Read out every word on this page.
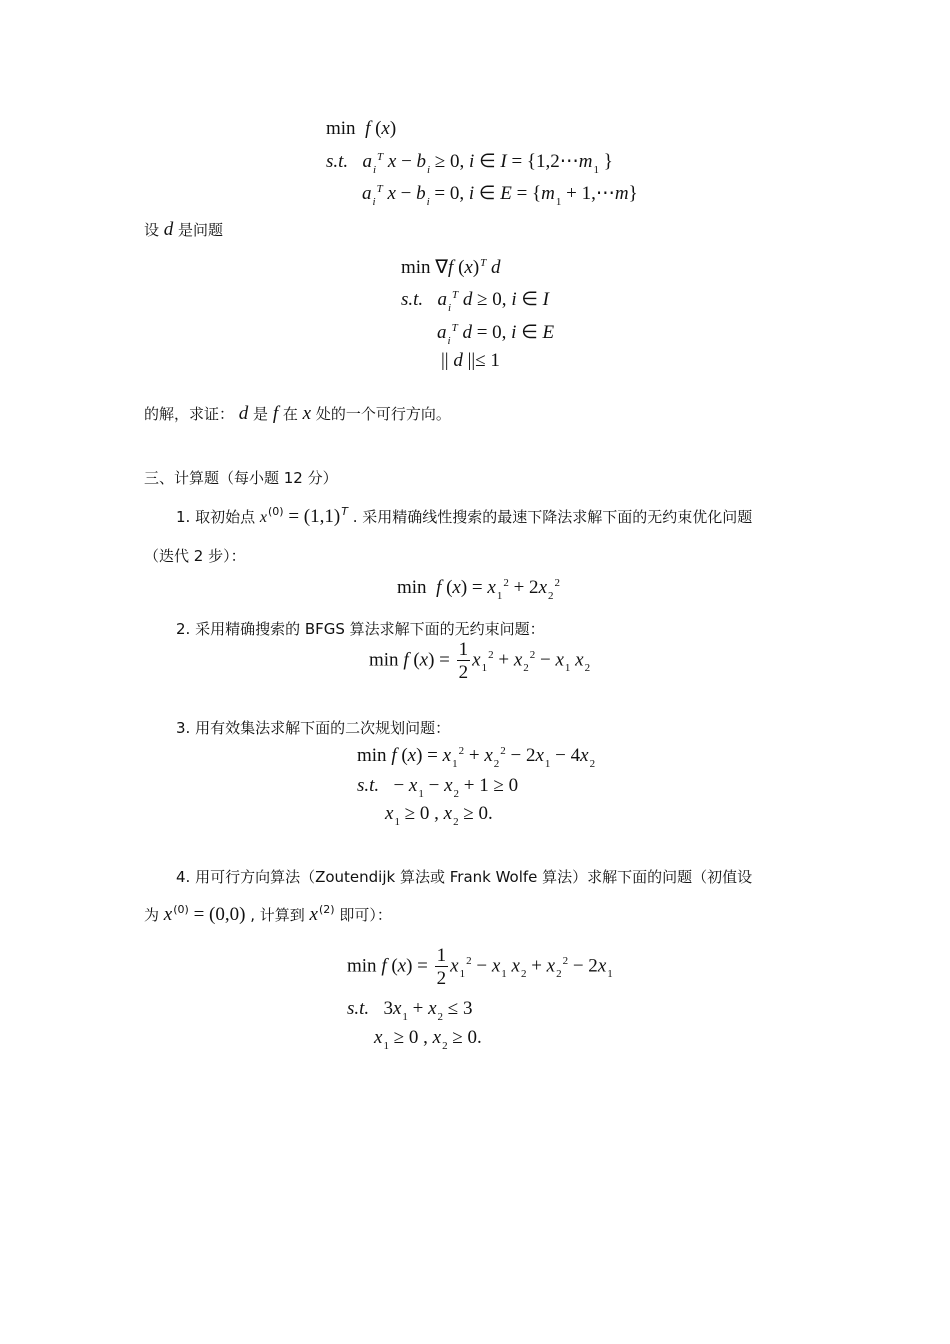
min  f (x)
s.t. $a_i^T$ $x - b_i \ge 0$, i ∈ $I = \{1,2\cdots m_1$ }
$a_i^T$ $x - b_i = 0$, i ∈ $E = \{m_1$ + 1,⋯m}
设 d 是问题
min ∇f $(x)^T$ d
s.t. $a_i^T$ d ≥ 0, i ∈ I
$a_i^T$ d = 0, i ∈ E
|| d ||≤ 1
的解，求证： d 是 f 在 x 处的一个可行方向。
三、计算题（每小题 12 分）
1. 取初始点 $x^{(0)} = (1,1)^T$ . 采用精确线性搜索的最速下降法求解下面的无约束优化问题
（迭代 2 步）：
min  f $(x) = x_1^2 + 2x_2^2$
2. 采用精确搜索的 BFGS 算法求解下面的无约束问题：
min f $(x) = \frac{1}{2} x_1^2 + x_2^2 - x_1$ $x_2$
3. 用有效集法求解下面的二次规划问题：
min f $(x) = x_1^2 + x_2^2 - 2x_1 - 4x_2$
s.t.   − $x_1 - x_2 + 1 \ge 0$
$x_1 \ge 0$ , $x_2 \ge 0$.
4. 用可行方向算法（Zoutendijk 算法或 Frank Wolfe 算法）求解下面的问题（初值设
为 $x^{(0)} = (0,0)$ , 计算到 $x^{(2)}$ 即可）：
min f $(x) = \frac{1}{2} x_1^2 - x_1$ $x_2 + x_2^2 - 2x_1$
s.t.   $3x_1 + x_2 \le 3$
$x_1 \ge 0$ , $x_2 \ge 0$.
